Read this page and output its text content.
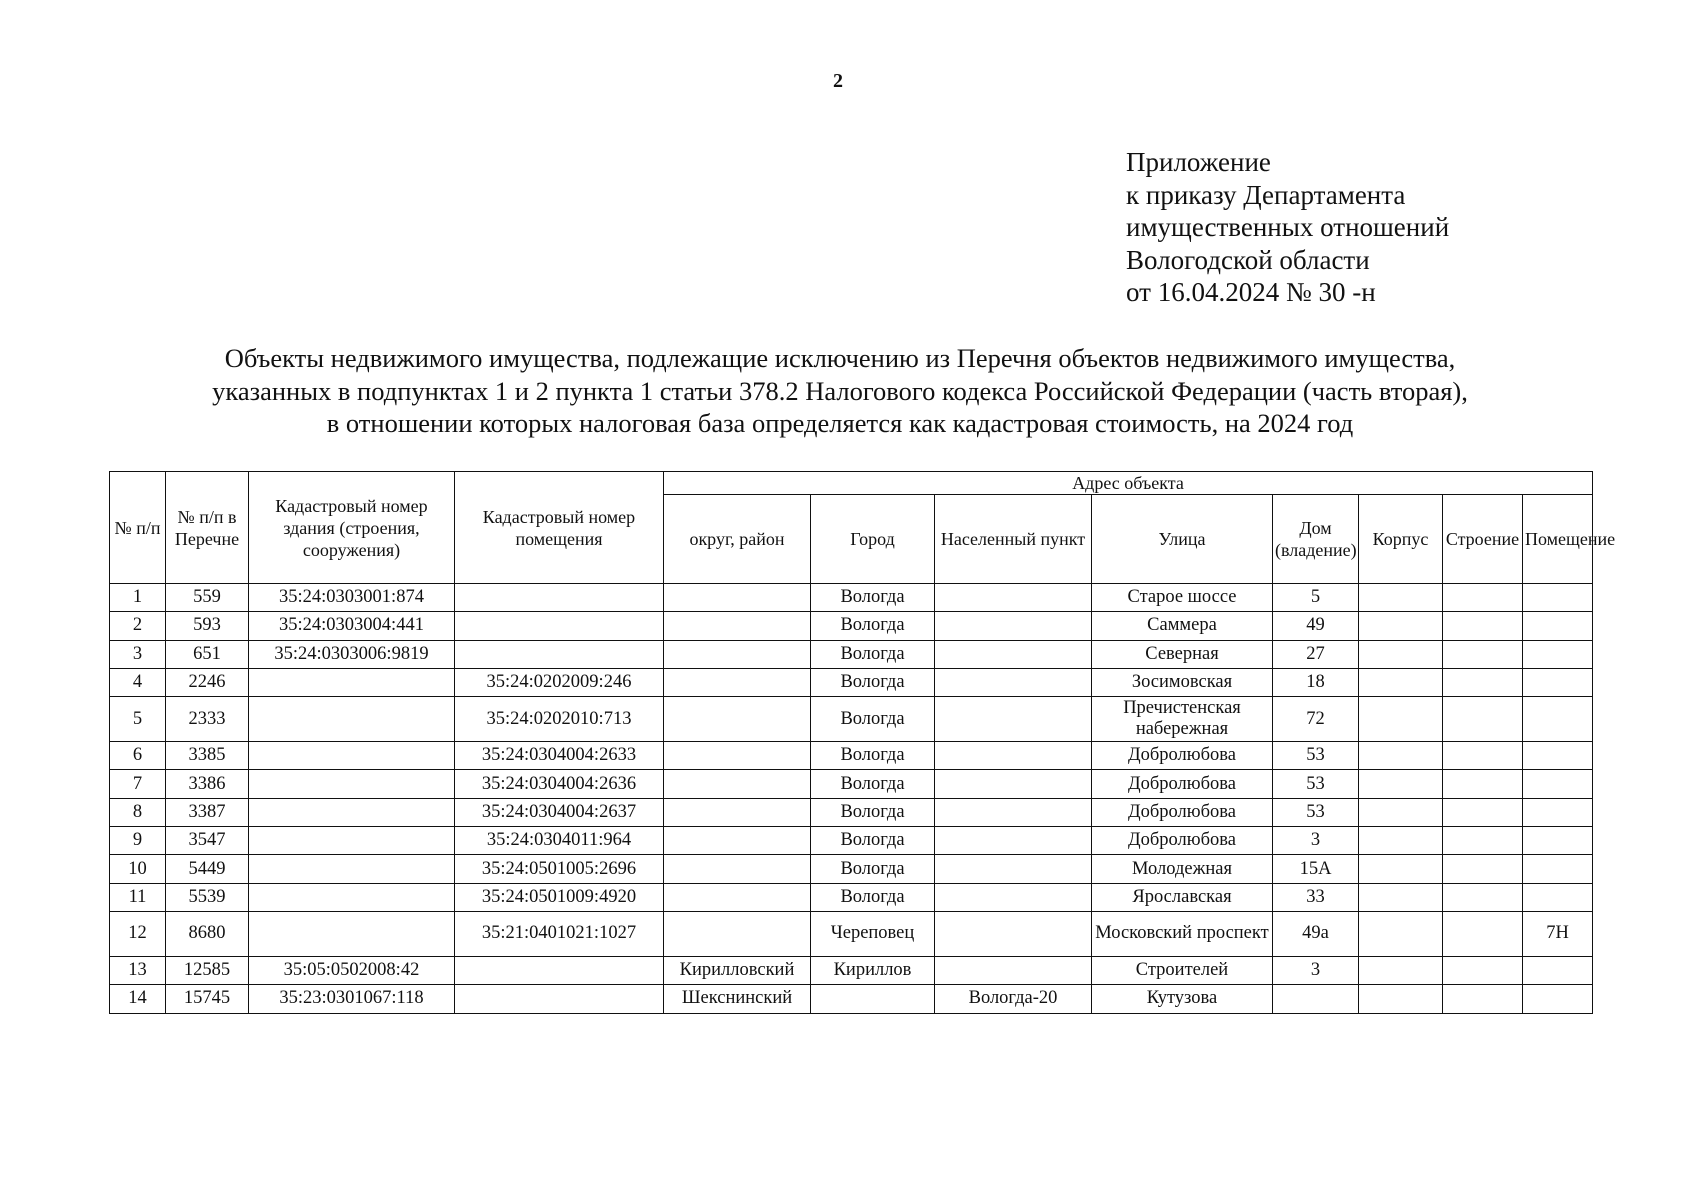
2
Приложение
к приказу Департамента
имущественных отношений
Вологодской области
от 16.04.2024 № 30 -н
Объекты недвижимого имущества, подлежащие исключению из Перечня объектов недвижимого имущества,
указанных в подпунктах 1 и 2 пункта 1 статьи 378.2 Налогового кодекса Российской Федерации (часть вторая),
в отношении которых налоговая база определяется как кадастровая стоимость, на 2024 год
№ п/п	№ п/п в Перечне	Кадастровый номер здания (строения, сооружения)	Кадастровый номер помещения	Адрес объекта							
				округ, район	Город	Населенный пункт	Улица	Дом (владение)	Корпус	Строение	Помещение
1	559	35:24:0303001:874			Вологда		Старое шоссе	5			
2	593	35:24:0303004:441			Вологда		Саммера	49			
3	651	35:24:0303006:9819			Вологда		Северная	27			
4	2246		35:24:0202009:246		Вологда		Зосимовская	18			
5	2333		35:24:0202010:713		Вологда		Пречистенская набережная	72			
6	3385		35:24:0304004:2633		Вологда		Добролюбова	53			
7	3386		35:24:0304004:2636		Вологда		Добролюбова	53			
8	3387		35:24:0304004:2637		Вологда		Добролюбова	53			
9	3547		35:24:0304011:964		Вологда		Добролюбова	3			
10	5449		35:24:0501005:2696		Вологда		Молодежная	15А			
11	5539		35:24:0501009:4920		Вологда		Ярославская	33			
12	8680		35:21:0401021:1027		Череповец		Московский проспект	49а			7Н
13	12585	35:05:0502008:42		Кирилловский	Кириллов		Строителей	3			
14	15745	35:23:0301067:118		Шекснинский		Вологда-20	Кутузова				
